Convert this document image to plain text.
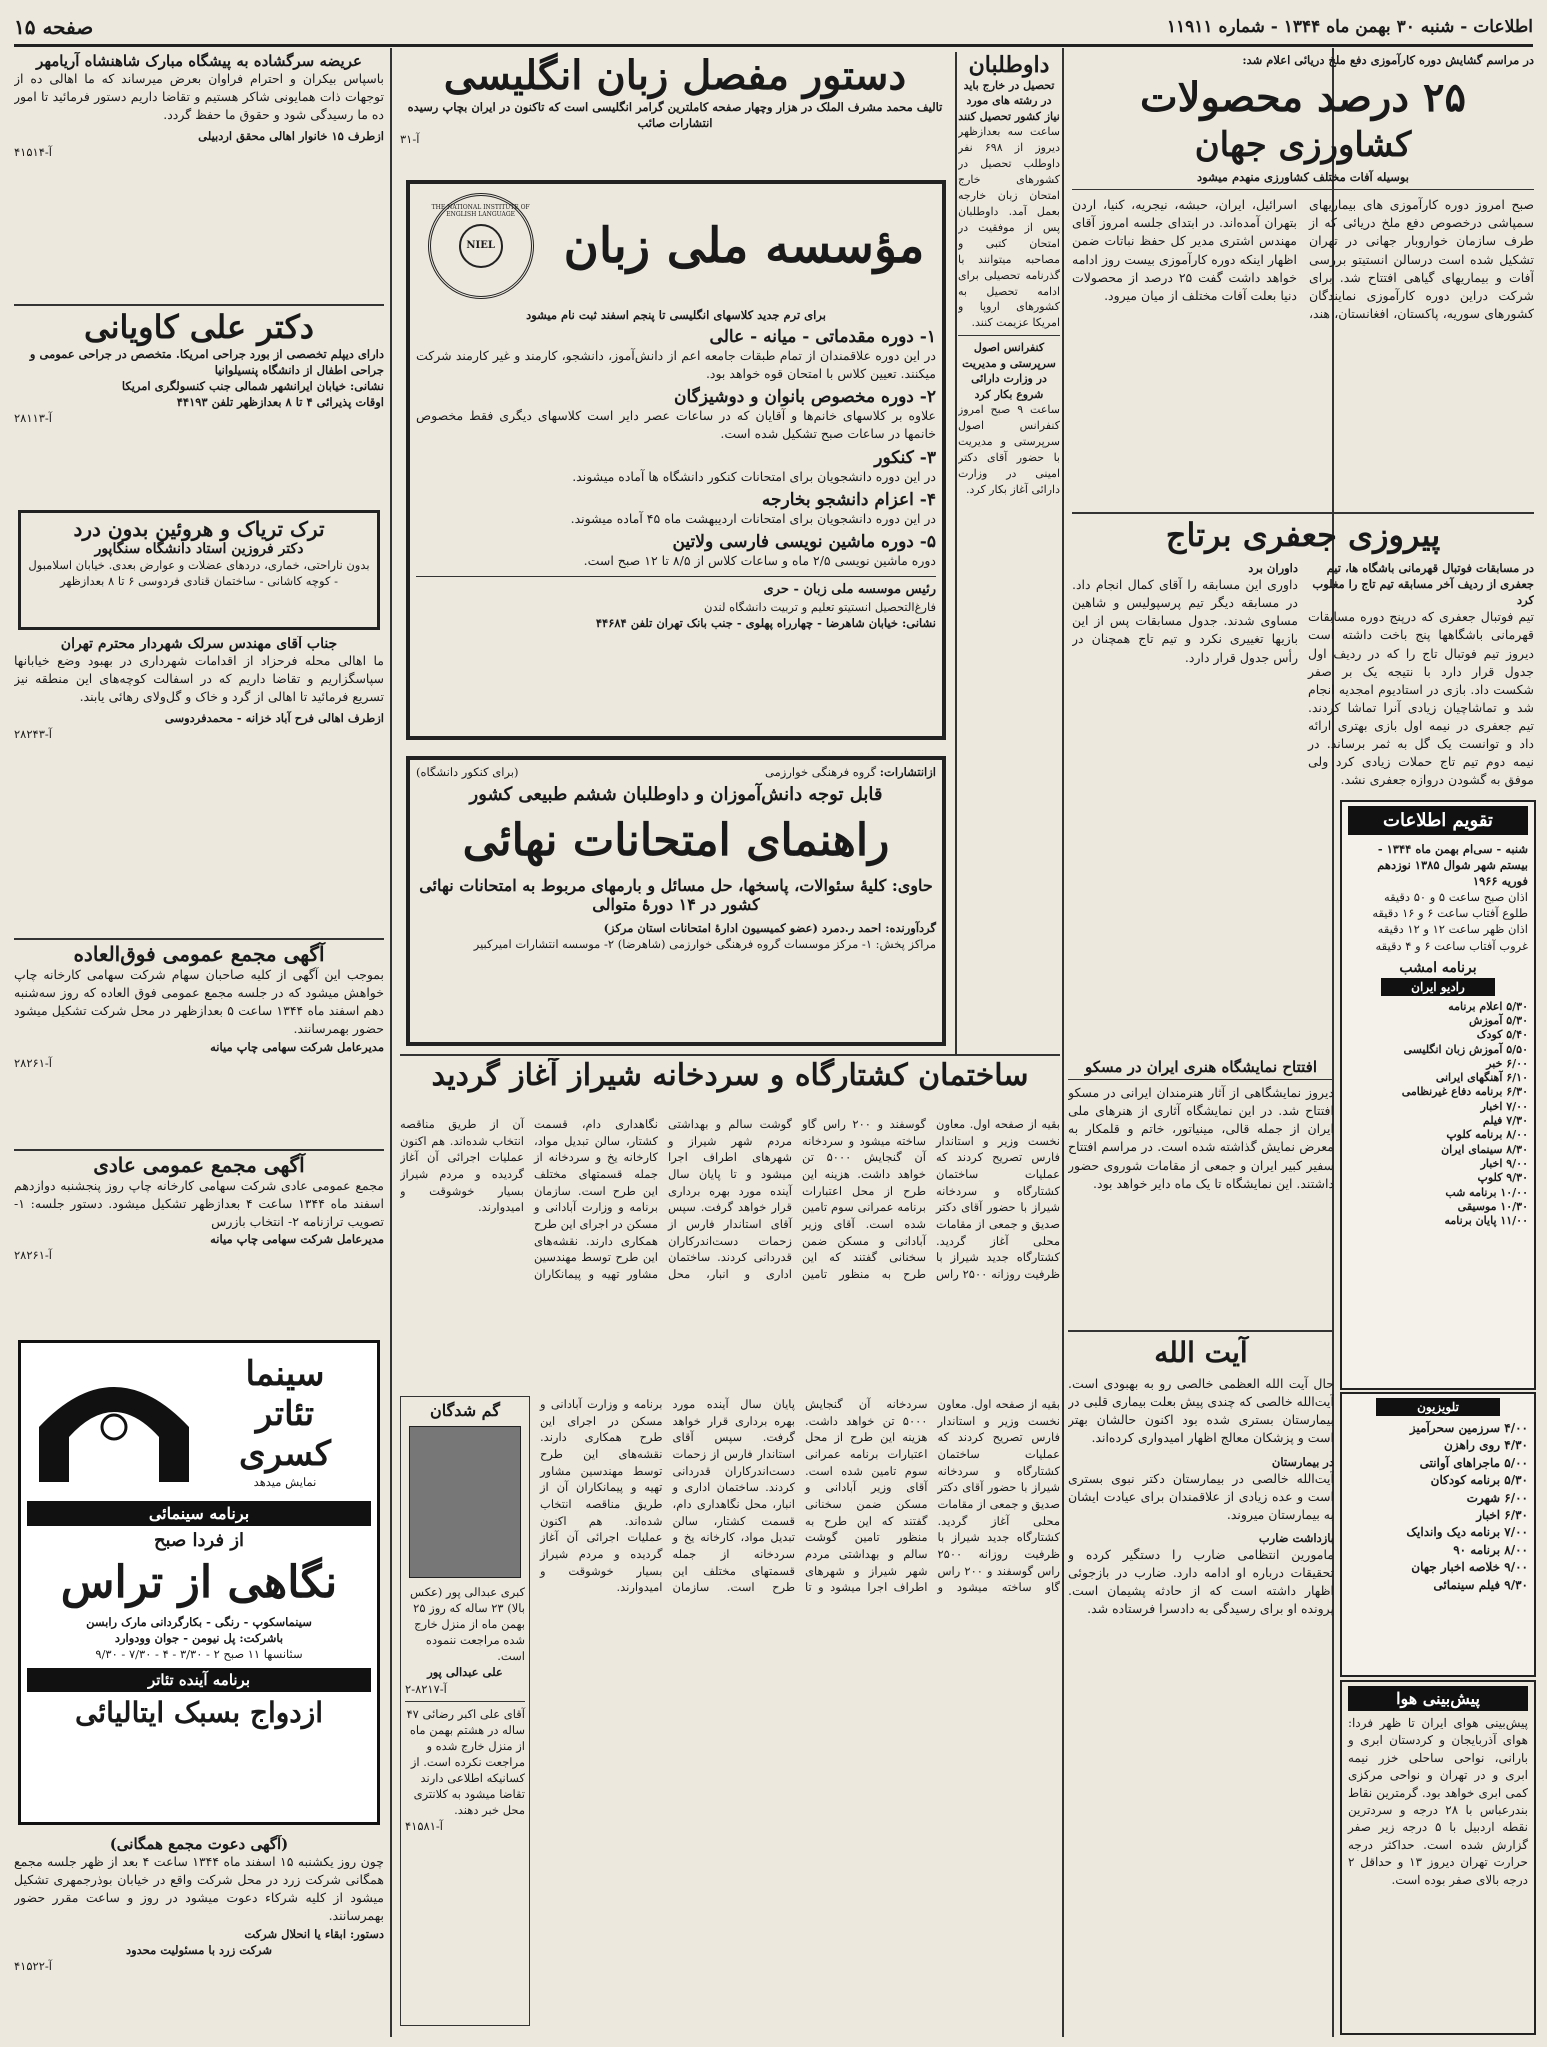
اطلاعات - شنبه ۳۰ بهمن ماه ۱۳۴۴ - شماره ۱۱۹۱۱
صفحه ۱۵
در مراسم گشایش دوره کارآموزی دفع ملخ دریائی اعلام شد:
۲۵ درصد محصولات
کشاورزی جهان
بوسیله آفات مختلف کشاورزی منهدم میشود
صبح امروز دوره کارآموزی های بیماریهای سمپاشی درخصوص دفع ملخ دریائی که از طرف سازمان خواروبار جهانی در تهران تشکیل شده است درسالن انستیتو بررسی آفات و بیماریهای گیاهی افتتاح شد. برای شرکت دراین دوره کارآموزی نمایندگان کشورهای سوریه، پاکستان، افغانستان، هند، اسرائیل، ایران، حبشه، نیجریه، کنیا، اردن بتهران آمده‌اند. در ابتدای جلسه امروز آقای مهندس اشتری مدیر کل حفظ نباتات ضمن اظهار اینکه دوره کارآموزی بیست روز ادامه خواهد داشت گفت ۲۵ درصد از محصولات دنیا بعلت آفات مختلف از میان میرود.
پیروزی جعفری برتاج
در مسابقات فوتبال قهرمانی باشگاه ها، تیم جعفری از ردیف آخر مسابقه تیم تاج را مغلوب کرد
تیم فوتبال جعفری که درپنج دوره مسابقات قهرمانی باشگاهها پنج باخت داشته است دیروز تیم فوتبال تاج را که در ردیف اول جدول قرار دارد با نتیجه یک بر صفر شکست داد. بازی در استادیوم امجدیه انجام شد و تماشاچیان زیادی آنرا تماشا کردند. تیم جعفری در نیمه اول بازی بهتری ارائه داد و توانست یک گل به ثمر برساند. در نیمه دوم تیم تاج حملات زیادی کرد ولی موفق به گشودن دروازه جعفری نشد.
داوران برد
داوری این مسابقه را آقای کمال انجام داد. در مسابقه دیگر تیم پرسپولیس و شاهین مساوی شدند. جدول مسابقات پس از این بازیها تغییری نکرد و تیم تاج همچنان در رأس جدول قرار دارد.
تقویم اطلاعات
شنبه - سی‌ام بهمن ماه ۱۳۴۴ - بیستم شهر شوال ۱۳۸۵ نوزدهم فوریه ۱۹۶۶
اذان صبح ساعت ۵ و ۵۰ دقیقه
طلوع آفتاب ساعت ۶ و ۱۶ دقیقه
اذان ظهر ساعت ۱۲ و ۱۲ دقیقه
غروب آفتاب ساعت ۶ و ۴ دقیقه
برنامه امشب
رادیو ایران
۵/۳۰ اعلام برنامه
۵/۳۰ آموزش
۵/۴۰ کودک
۵/۵۰ آموزش زبان انگلیسی
۶/۰۰ خبر
۶/۱۰ آهنگهای ایرانی
۶/۳۰ برنامه دفاع غیرنظامی
۷/۰۰ اخبار
۷/۳۰ فیلم
۸/۰۰ برنامه کلوپ
۸/۳۰ سینمای ایران
۹/۰۰ اخبار
۹/۳۰ کلوپ
۱۰/۰۰ برنامه شب
۱۰/۳۰ موسیقی
۱۱/۰۰ پایان برنامه
تلویزیون
۴/۰۰ سرزمین سحرآمیز
۴/۳۰ روی راهزن
۵/۰۰ ماجراهای آوانتی
۵/۳۰ برنامه کودکان
۶/۰۰ شهرت
۶/۳۰ اخبار
۷/۰۰ برنامه دیک واندایک
۸/۰۰ برنامه ۹۰
۹/۰۰ خلاصه اخبار جهان
۹/۳۰ فیلم سینمائی
پیش‌بینی هوا
پیش‌بینی هوای ایران تا ظهر فردا: هوای آذربایجان و کردستان ابری و بارانی، نواحی ساحلی خزر نیمه ابری و در تهران و نواحی مرکزی کمی ابری خواهد بود. گرمترین نقاط بندرعباس با ۲۸ درجه و سردترین نقطه اردبیل با ۵ درجه زیر صفر گزارش شده است. حداکثر درجه حرارت تهران دیروز ۱۳ و حداقل ۲ درجه بالای صفر بوده است.
افتتاح نمایشگاه هنری ایران در مسکو
دیروز نمایشگاهی از آثار هنرمندان ایرانی در مسکو افتتاح شد. در این نمایشگاه آثاری از هنرهای ملی ایران از جمله قالی، مینیاتور، خاتم و قلمکار به معرض نمایش گذاشته شده است. در مراسم افتتاح سفیر کبیر ایران و جمعی از مقامات شوروی حضور داشتند. این نمایشگاه تا یک ماه دایر خواهد بود.
آیت الله
حال آیت الله العظمی خالصی رو به بهبودی است. آیت‌الله خالصی که چندی پیش بعلت بیماری قلبی در بیمارستان بستری شده بود اکنون حالشان بهتر است و پزشکان معالج اظهار امیدواری کرده‌اند.
در بیمارستان
آیت‌الله خالصی در بیمارستان دکتر نبوی بستری است و عده زیادی از علاقمندان برای عیادت ایشان به بیمارستان میروند.
بازداشت ضارب
مامورین انتظامی ضارب را دستگیر کرده و تحقیقات درباره او ادامه دارد. ضارب در بازجوئی اظهار داشته است که از حادثه پشیمان است. پرونده او برای رسیدگی به دادسرا فرستاده شد.
داوطلبان
تحصیل در خارج باید در رشته های مورد نیاز کشور تحصیل کنند
ساعت سه بعدازظهر دیروز از ۶۹۸ نفر داوطلب تحصیل در کشورهای خارج امتحان زبان خارجه بعمل آمد. داوطلبان پس از موفقیت در امتحان کتبی و مصاحبه میتوانند با گذرنامه تحصیلی برای ادامه تحصیل به کشورهای اروپا و امریکا عزیمت کنند.
کنفرانس اصول سرپرستی و مدیریت در وزارت دارائی شروع بکار کرد
ساعت ۹ صبح امروز کنفرانس اصول سرپرستی و مدیریت با حضور آقای دکتر امینی در وزارت دارائی آغاز بکار کرد.
دستور مفصل زبان انگلیسی
تالیف محمد مشرف الملک در هزار وچهار صفحه کاملترین گرامر انگلیسی است که تاکنون در ایران بچاپ رسیده انتشارات صائب
آ-۳۱
مؤسسه ملی زبان
THE NATIONAL INSTITUTE OF ENGLISH LANGUAGE
NIEL
برای ترم جدید کلاسهای انگلیسی تا پنجم اسفند ثبت نام میشود
۱- دوره مقدماتی - میانه - عالی
در این دوره علاقمندان از تمام طبقات جامعه اعم از دانش‌آموز، دانشجو، کارمند و غیر کارمند شرکت میکنند. تعیین کلاس با امتحان قوه خواهد بود.
۲- دوره مخصوص بانوان و دوشیزگان
علاوه بر کلاسهای خانم‌ها و آقایان که در ساعات عصر دایر است کلاسهای دیگری فقط مخصوص خانمها در ساعات صبح تشکیل شده است.
۳- کنکور
در این دوره دانشجویان برای امتحانات کنکور دانشگاه ها آماده میشوند.
۴- اعزام دانشجو بخارجه
در این دوره دانشجویان برای امتحانات اردیبهشت ماه ۴۵ آماده میشوند.
۵- دوره ماشین نویسی فارسی ولاتین
دوره ماشین نویسی ۲/۵ ماه و ساعات کلاس از ۸/۵ تا ۱۲ صبح است.
رئیس موسسه ملی زبان - حری
فارغ‌التحصیل انستیتو تعلیم و تربیت دانشگاه لندن
نشانی: خیابان شاهرضا - چهارراه پهلوی - جنب بانک تهران تلفن ۴۴۶۸۴
ازانتشارات: گروه فرهنگی خوارزمی
(برای کنکور دانشگاه)
قابل توجه دانش‌آموزان و داوطلبان ششم طبیعی کشور
راهنمای امتحانات نهائی
حاوی: کلیهٔ سئوالات، پاسخها، حل مسائل و بارمهای مربوط به امتحانات نهائی کشور در ۱۴ دورهٔ متوالی
گردآورنده: احمد ر.دمرد (عضو کمیسیون ادارهٔ امتحانات استان مرکز)
مراکز پخش: ۱- مرکز موسسات گروه فرهنگی خوارزمی (شاهرضا) ۲- موسسه انتشارات امیرکبیر
ساختمان کشتارگاه و سردخانه شیراز آغاز گردید
بقیه از صفحه اول. معاون نخست وزیر و استاندار فارس تصریح کردند که عملیات ساختمان کشتارگاه و سردخانه شیراز با حضور آقای دکتر صدیق و جمعی از مقامات محلی آغاز گردید. کشتارگاه جدید شیراز با ظرفیت روزانه ۲۵۰۰ راس گوسفند و ۲۰۰ راس گاو ساخته میشود و سردخانه آن گنجایش ۵۰۰۰ تن خواهد داشت. هزینه این طرح از محل اعتبارات برنامه عمرانی سوم تامین شده است. آقای وزیر آبادانی و مسکن ضمن سخنانی گفتند که این طرح به منظور تامین گوشت سالم و بهداشتی مردم شهر شیراز و شهرهای اطراف اجرا میشود و تا پایان سال آینده مورد بهره برداری قرار خواهد گرفت. سپس آقای استاندار فارس از زحمات دست‌اندرکاران قدردانی کردند. ساختمان اداری و انبار، محل نگاهداری دام، قسمت کشتار، سالن تبدیل مواد، کارخانه یخ و سردخانه از جمله قسمتهای مختلف این طرح است. سازمان برنامه و وزارت آبادانی و مسکن در اجرای این طرح همکاری دارند. نقشه‌های این طرح توسط مهندسین مشاور تهیه و پیمانکاران آن از طریق مناقصه انتخاب شده‌اند. هم اکنون عملیات اجرائی آن آغاز گردیده و مردم شیراز بسیار خوشوقت و امیدوارند.
گم شدگان
کبری عبدالی پور (عکس بالا) ۲۳ ساله که روز ۲۵ بهمن ماه از منزل خارج شده مراجعت ننموده است.
علی عبدالی پور
آ-۸۲۱۷-۲
آقای علی اکبر رضائی ۴۷ ساله در هشتم بهمن ماه از منزل خارج شده و مراجعت نکرده است. از کسانیکه اطلاعی دارند تقاضا میشود به کلانتری محل خبر دهند.
آ-۴۱۵۸۱
بقیه از صفحه اول. معاون نخست وزیر و استاندار فارس تصریح کردند که عملیات ساختمان کشتارگاه و سردخانه شیراز با حضور آقای دکتر صدیق و جمعی از مقامات محلی آغاز گردید. کشتارگاه جدید شیراز با ظرفیت روزانه ۲۵۰۰ راس گوسفند و ۲۰۰ راس گاو ساخته میشود و سردخانه آن گنجایش ۵۰۰۰ تن خواهد داشت. هزینه این طرح از محل اعتبارات برنامه عمرانی سوم تامین شده است. آقای وزیر آبادانی و مسکن ضمن سخنانی گفتند که این طرح به منظور تامین گوشت سالم و بهداشتی مردم شهر شیراز و شهرهای اطراف اجرا میشود و تا پایان سال آینده مورد بهره برداری قرار خواهد گرفت. سپس آقای استاندار فارس از زحمات دست‌اندرکاران قدردانی کردند. ساختمان اداری و انبار، محل نگاهداری دام، قسمت کشتار، سالن تبدیل مواد، کارخانه یخ و سردخانه از جمله قسمتهای مختلف این طرح است. سازمان برنامه و وزارت آبادانی و مسکن در اجرای این طرح همکاری دارند. نقشه‌های این طرح توسط مهندسین مشاور تهیه و پیمانکاران آن از طریق مناقصه انتخاب شده‌اند. هم اکنون عملیات اجرائی آن آغاز گردیده و مردم شیراز بسیار خوشوقت و امیدوارند.
عریضه سرگشاده به پیشگاه مبارک شاهنشاه آریامهر
باسپاس بیکران و احترام فراوان بعرض میرساند که ما اهالی ده از توجهات ذات همایونی شاکر هستیم و تقاضا داریم دستور فرمائید تا امور ده ما رسیدگی شود و حقوق ما حفظ گردد.
ازطرف ۱۵ خانوار اهالی محقق اردبیلی
آ-۴۱۵۱۴
دکتر علی کاویانی
دارای دیپلم تخصصی از بورد جراحی امریکا. متخصص در جراحی عمومی و جراحی اطفال از دانشگاه پنسیلوانیا
نشانی: خیابان ایرانشهر شمالی جنب کنسولگری امریکا
اوقات پذیرائی ۴ تا ۸ بعدازظهر تلفن ۴۴۱۹۳
آ-۲۸۱۱۳
ترک تریاک و هروئین بدون درد
دکتر فروزین استاد دانشگاه سنگاپور
بدون ناراحتی، خماری، دردهای عضلات و عوارض بعدی. خیابان اسلامبول - کوچه کاشانی - ساختمان قنادی فردوسی ۶ تا ۸ بعدازظهر
جناب آقای مهندس سرلک شهردار محترم تهران
ما اهالی محله فرحزاد از اقدامات شهرداری در بهبود وضع خیابانها سپاسگزاریم و تقاضا داریم که در اسفالت کوچه‌های این منطقه نیز تسریع فرمائید تا اهالی از گرد و خاک و گل‌ولای رهائی یابند.
ازطرف اهالی فرح آباد خزانه - محمدفردوسی
آ-۲۸۲۴۳
آگهی مجمع عمومی فوق‌العاده
بموجب این آگهی از کلیه صاحبان سهام شرکت سهامی کارخانه چاپ خواهش میشود که در جلسه مجمع عمومی فوق العاده که روز سه‌شنبه دهم اسفند ماه ۱۳۴۴ ساعت ۵ بعدازظهر در محل شرکت تشکیل میشود حضور بهمرسانند.
مدیرعامل شرکت سهامی چاپ میانه
آ-۲۸۲۶۱
آگهی مجمع عمومی عادی
مجمع عمومی عادی شرکت سهامی کارخانه چاپ روز پنجشنبه دوازدهم اسفند ماه ۱۳۴۴ ساعت ۴ بعدازظهر تشکیل میشود. دستور جلسه: ۱- تصویب ترازنامه ۲- انتخاب بازرس
مدیرعامل شرکت سهامی چاپ میانه
آ-۲۸۲۶۱
سینما
تئاتر
کسری
نمایش میدهد
برنامه سینمائی
از فردا صبح
نگاهی از تراس
سینماسکوپ - رنگی - بکارگردانی مارک رابسن
باشرکت: پل نیومن - جوان وودوارد
سئانسها ۱۱ صبح ۲ - ۳/۳۰ - ۴ - ۷/۳۰ - ۹/۳۰
برنامه آینده تئاتر
ازدواج بسبک ایتالیائی
(آگهی دعوت مجمع همگانی)
چون روز یکشنبه ۱۵ اسفند ماه ۱۳۴۴ ساعت ۴ بعد از ظهر جلسه مجمع همگانی شرکت زرد در محل شرکت واقع در خیابان بوذرجمهری تشکیل میشود از کلیه شرکاء دعوت میشود در روز و ساعت مقرر حضور بهمرسانند.
دستور: ابقاء یا انحلال شرکت
شرکت زرد با مسئولیت محدود
آ-۴۱۵۲۲
